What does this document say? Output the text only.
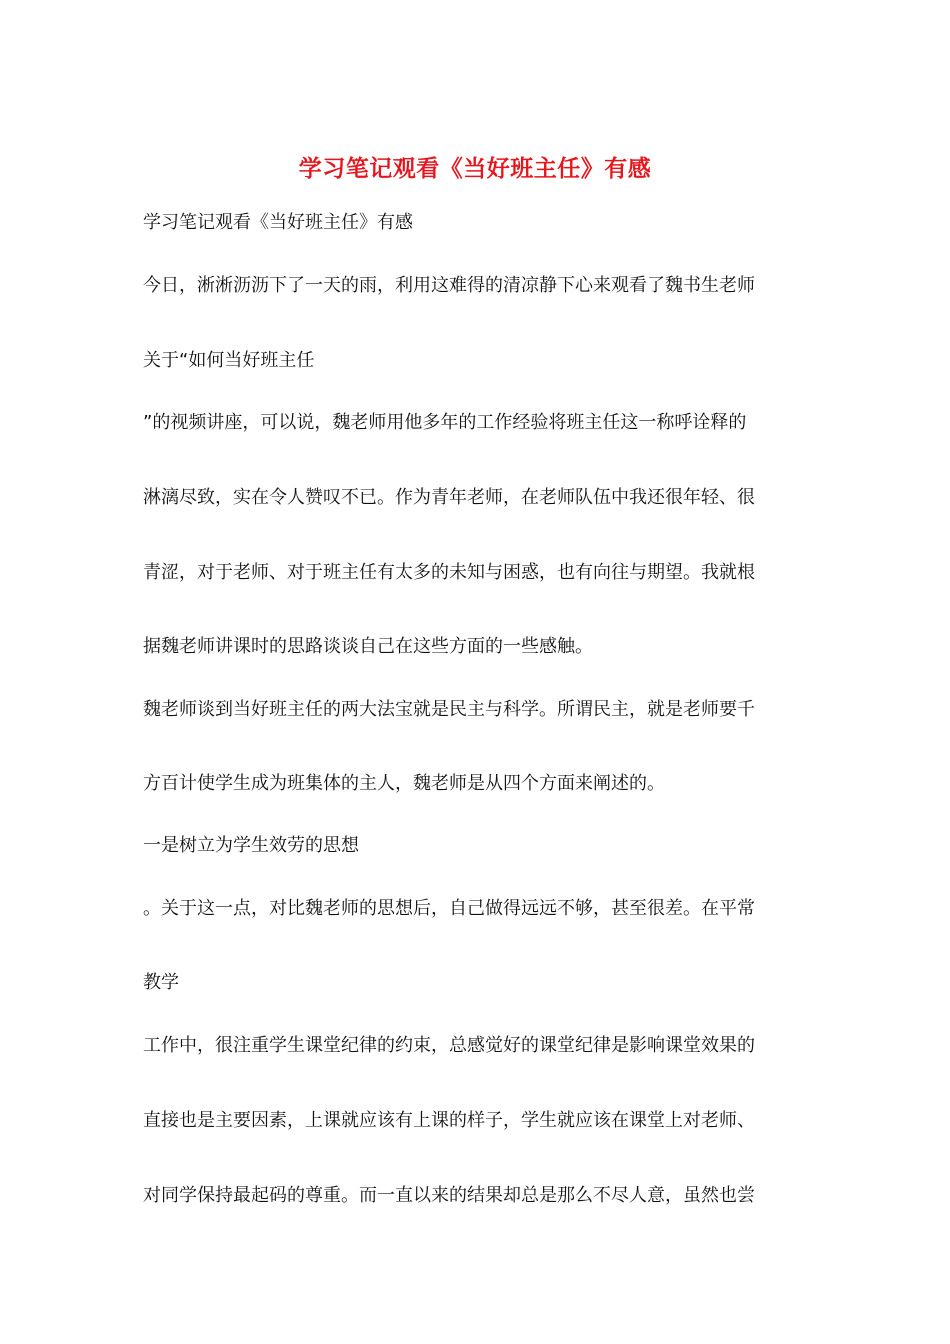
学习笔记观看《当好班主任》有感
学习笔记观看《当好班主任》有感
今日，淅淅沥沥下了一天的雨，利用这难得的清凉静下心来观看了魏书生老师
关于“如何当好班主任
”的视频讲座，可以说，魏老师用他多年的工作经验将班主任这一称呼诠释的
淋漓尽致，实在令人赞叹不已。作为青年老师，在老师队伍中我还很年轻、很
青涩，对于老师、对于班主任有太多的未知与困惑，也有向往与期望。我就根
据魏老师讲课时的思路谈谈自己在这些方面的一些感触。
魏老师谈到当好班主任的两大法宝就是民主与科学。所谓民主，就是老师要千
方百计使学生成为班集体的主人，魏老师是从四个方面来阐述的。
一是树立为学生效劳的思想
。关于这一点，对比魏老师的思想后，自己做得远远不够，甚至很差。在平常
教学
工作中，很注重学生课堂纪律的约束，总感觉好的课堂纪律是影响课堂效果的
直接也是主要因素，上课就应该有上课的样子，学生就应该在课堂上对老师、
对同学保持最起码的尊重。而一直以来的结果却总是那么不尽人意，虽然也尝
